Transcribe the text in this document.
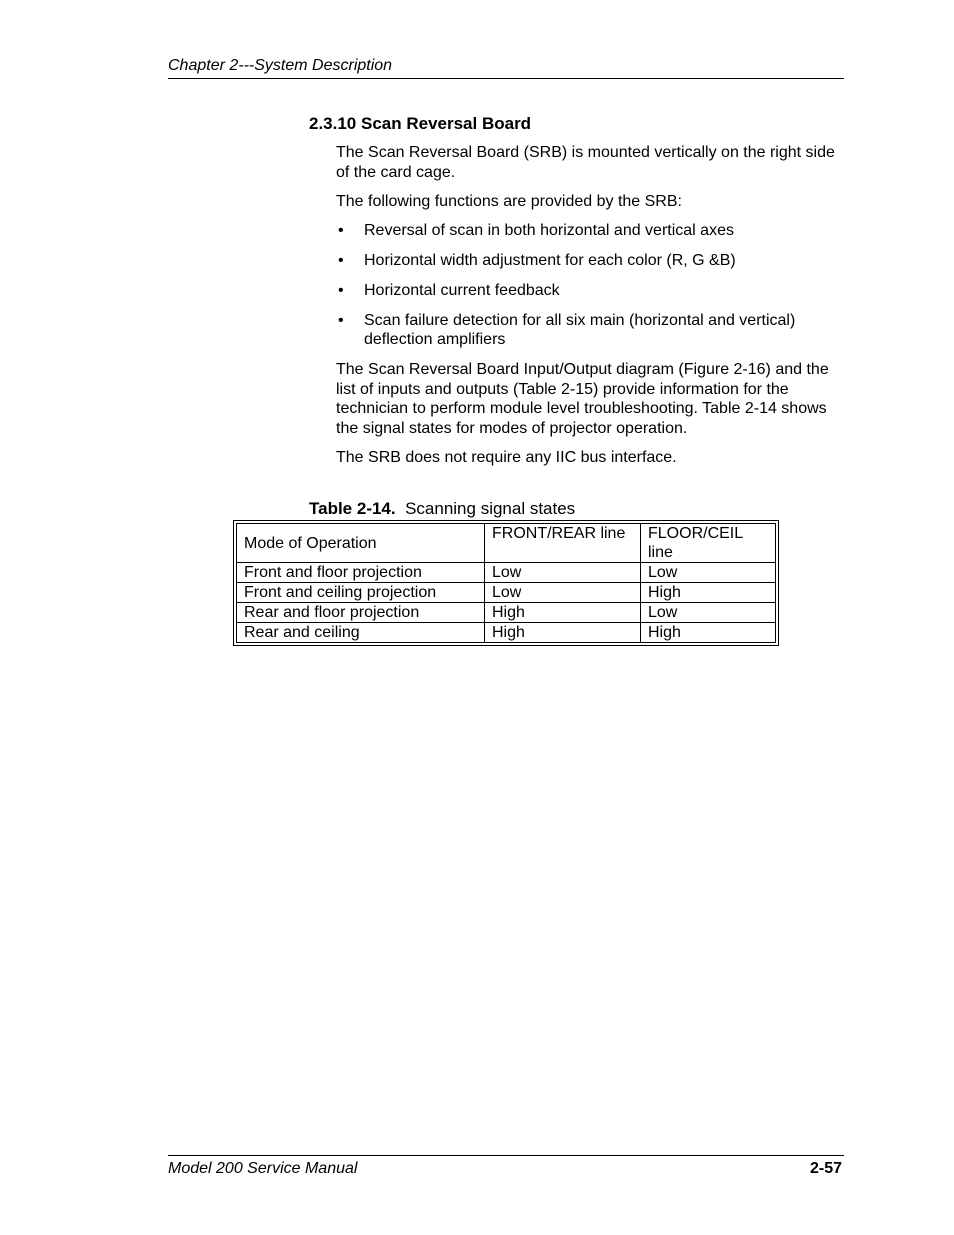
Chapter 2---System Description
2.3.10 Scan Reversal Board

The Scan Reversal Board (SRB) is mounted vertically on the right side of the card cage.

The following functions are provided by the SRB:

• Reversal of scan in both horizontal and vertical axes
• Horizontal width adjustment for each color (R, G &B)
• Horizontal current feedback
• Scan failure detection for all six main (horizontal and vertical) deflection amplifiers

The Scan Reversal Board Input/Output diagram (Figure 2-16) and the list of inputs and outputs (Table 2-15) provide information for the technician to perform module level troubleshooting. Table 2-14 shows the signal states for modes of projector operation.

The SRB does not require any IIC bus interface.

Table 2-14. Scanning signal states
Mode of Operation	FRONT/REAR line	FLOOR/CEIL line
Front and floor projection	Low	Low
Front and ceiling projection	Low	High
Rear and floor projection	High	Low
Rear and ceiling	High	High
Model 200 Service Manual	2-57
